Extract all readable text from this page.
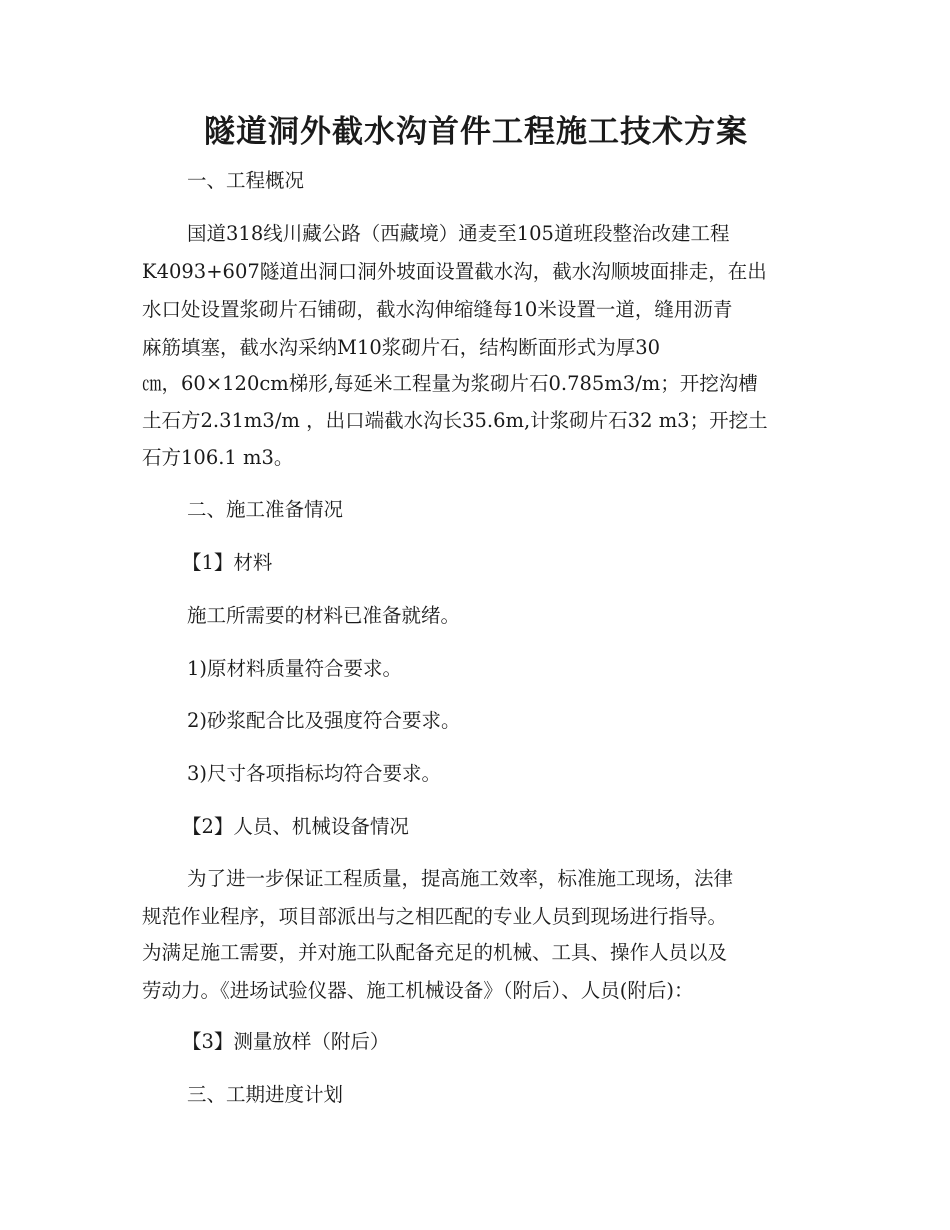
隧道洞外截水沟首件工程施工技术方案
一、工程概况
国道318线川藏公路（西藏境）通麦至105道班段整治改建工程
K4093+607隧道出洞口洞外坡面设置截水沟，截水沟顺坡面排走，在出
水口处设置浆砌片石铺砌，截水沟伸缩缝每10米设置一道，缝用沥青
麻筋填塞，截水沟采纳M10浆砌片石，结构断面形式为厚30
㎝，60×120cm梯形,每延米工程量为浆砌片石0.785m3/m；开挖沟槽
土石方2.31m3/m ，出口端截水沟长35.6m,计浆砌片石32 m3；开挖土
石方106.1 m3。
二、施工准备情况
【1】材料
施工所需要的材料已准备就绪。
1)原材料质量符合要求。
2)砂浆配合比及强度符合要求。
3)尺寸各项指标均符合要求。
【2】人员、机械设备情况
为了进一步保证工程质量，提高施工效率，标准施工现场，法律
规范作业程序，项目部派出与之相匹配的专业人员到现场进行指导。
为满足施工需要，并对施工队配备充足的机械、工具、操作人员以及
劳动力。《进场试验仪器、施工机械设备》（附后）、人员(附后)：
【3】测量放样（附后）
三、工期进度计划
